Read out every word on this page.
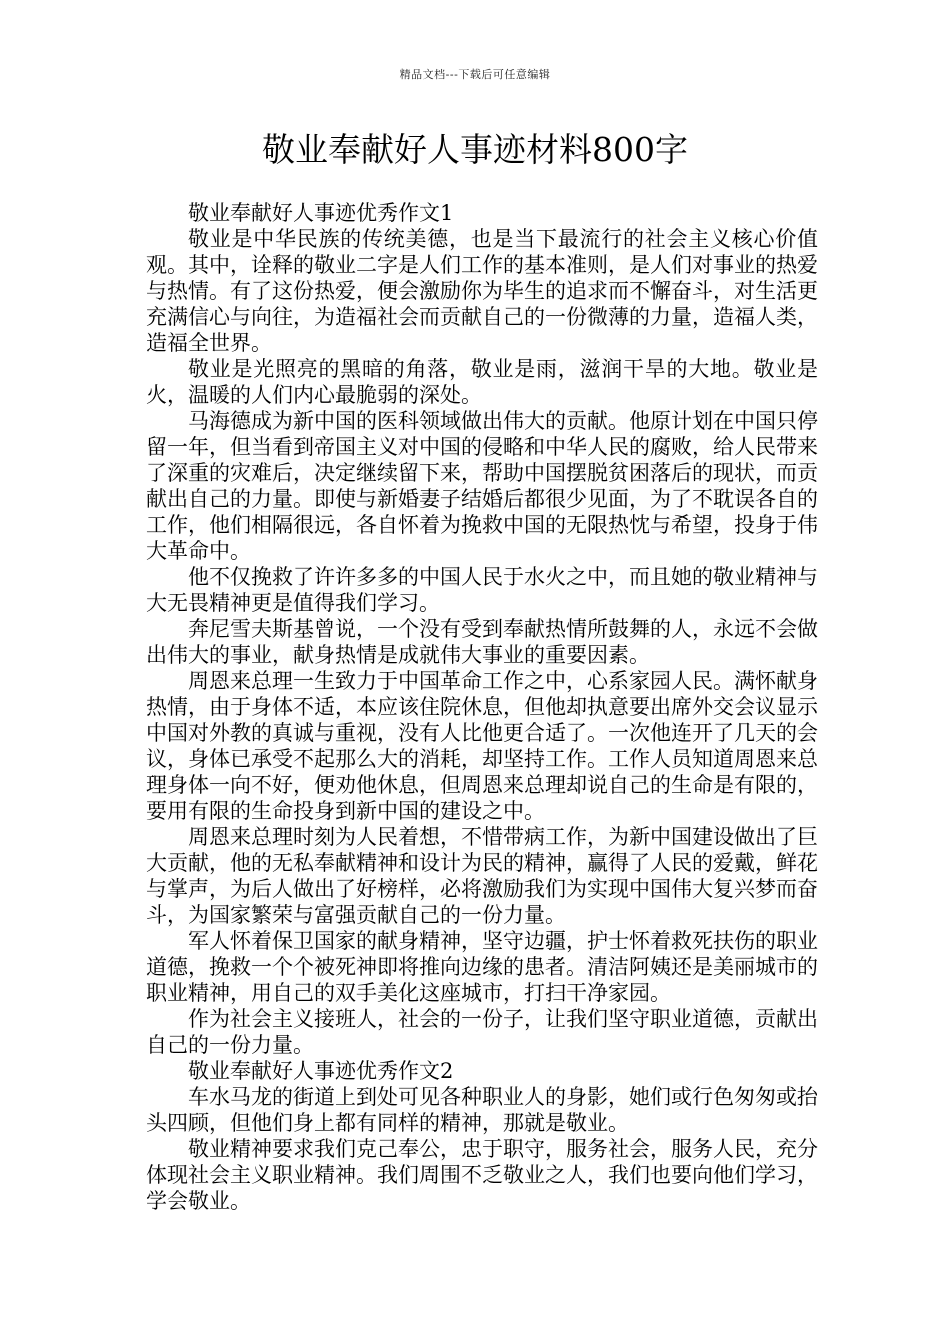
精品文档---下载后可任意编辑
敬业奉献好人事迹材料800字

敬业奉献好人事迹优秀作文1

敬业是中华民族的传统美德，也是当下最流行的社会主义核心价值观。其中，诠释的敬业二字是人们工作的基本准则，是人们对事业的热爱与热情。有了这份热爱，便会激励你为毕生的追求而不懈奋斗，对生活更充满信心与向往，为造福社会而贡献自己的一份微薄的力量，造福人类，造福全世界。

敬业是光照亮的黑暗的角落，敬业是雨，滋润干旱的大地。敬业是火，温暖的人们内心最脆弱的深处。

马海德成为新中国的医科领域做出伟大的贡献。他原计划在中国只停留一年，但当看到帝国主义对中国的侵略和中华人民的腐败，给人民带来了深重的灾难后，决定继续留下来，帮助中国摆脱贫困落后的现状，而贡献出自己的力量。即使与新婚妻子结婚后都很少见面，为了不耽误各自的工作，他们相隔很远，各自怀着为挽救中国的无限热忱与希望，投身于伟大革命中。

他不仅挽救了许许多多的中国人民于水火之中，而且她的敬业精神与大无畏精神更是值得我们学习。

奔尼雪夫斯基曾说，一个没有受到奉献热情所鼓舞的人，永远不会做出伟大的事业，献身热情是成就伟大事业的重要因素。

周恩来总理一生致力于中国革命工作之中，心系家园人民。满怀献身热情，由于身体不适，本应该住院休息，但他却执意要出席外交会议显示中国对外教的真诚与重视，没有人比他更合适了。一次他连开了几天的会议，身体已承受不起那么大的消耗，却坚持工作。工作人员知道周恩来总理身体一向不好，便劝他休息，但周恩来总理却说自己的生命是有限的，要用有限的生命投身到新中国的建设之中。

周恩来总理时刻为人民着想，不惜带病工作，为新中国建设做出了巨大贡献，他的无私奉献精神和设计为民的精神，赢得了人民的爱戴，鲜花与掌声，为后人做出了好榜样，必将激励我们为实现中国伟大复兴梦而奋斗，为国家繁荣与富强贡献自己的一份力量。

军人怀着保卫国家的献身精神，坚守边疆，护士怀着救死扶伤的职业道德，挽救一个个被死神即将推向边缘的患者。清洁阿姨还是美丽城市的职业精神，用自己的双手美化这座城市，打扫干净家园。

作为社会主义接班人，社会的一份子，让我们坚守职业道德，贡献出自己的一份力量。

敬业奉献好人事迹优秀作文2

车水马龙的街道上到处可见各种职业人的身影，她们或行色匆匆或抬头四顾，但他们身上都有同样的精神，那就是敬业。

敬业精神要求我们克己奉公，忠于职守，服务社会，服务人民，充分体现社会主义职业精神。我们周围不乏敬业之人，我们也要向他们学习，学会敬业。
